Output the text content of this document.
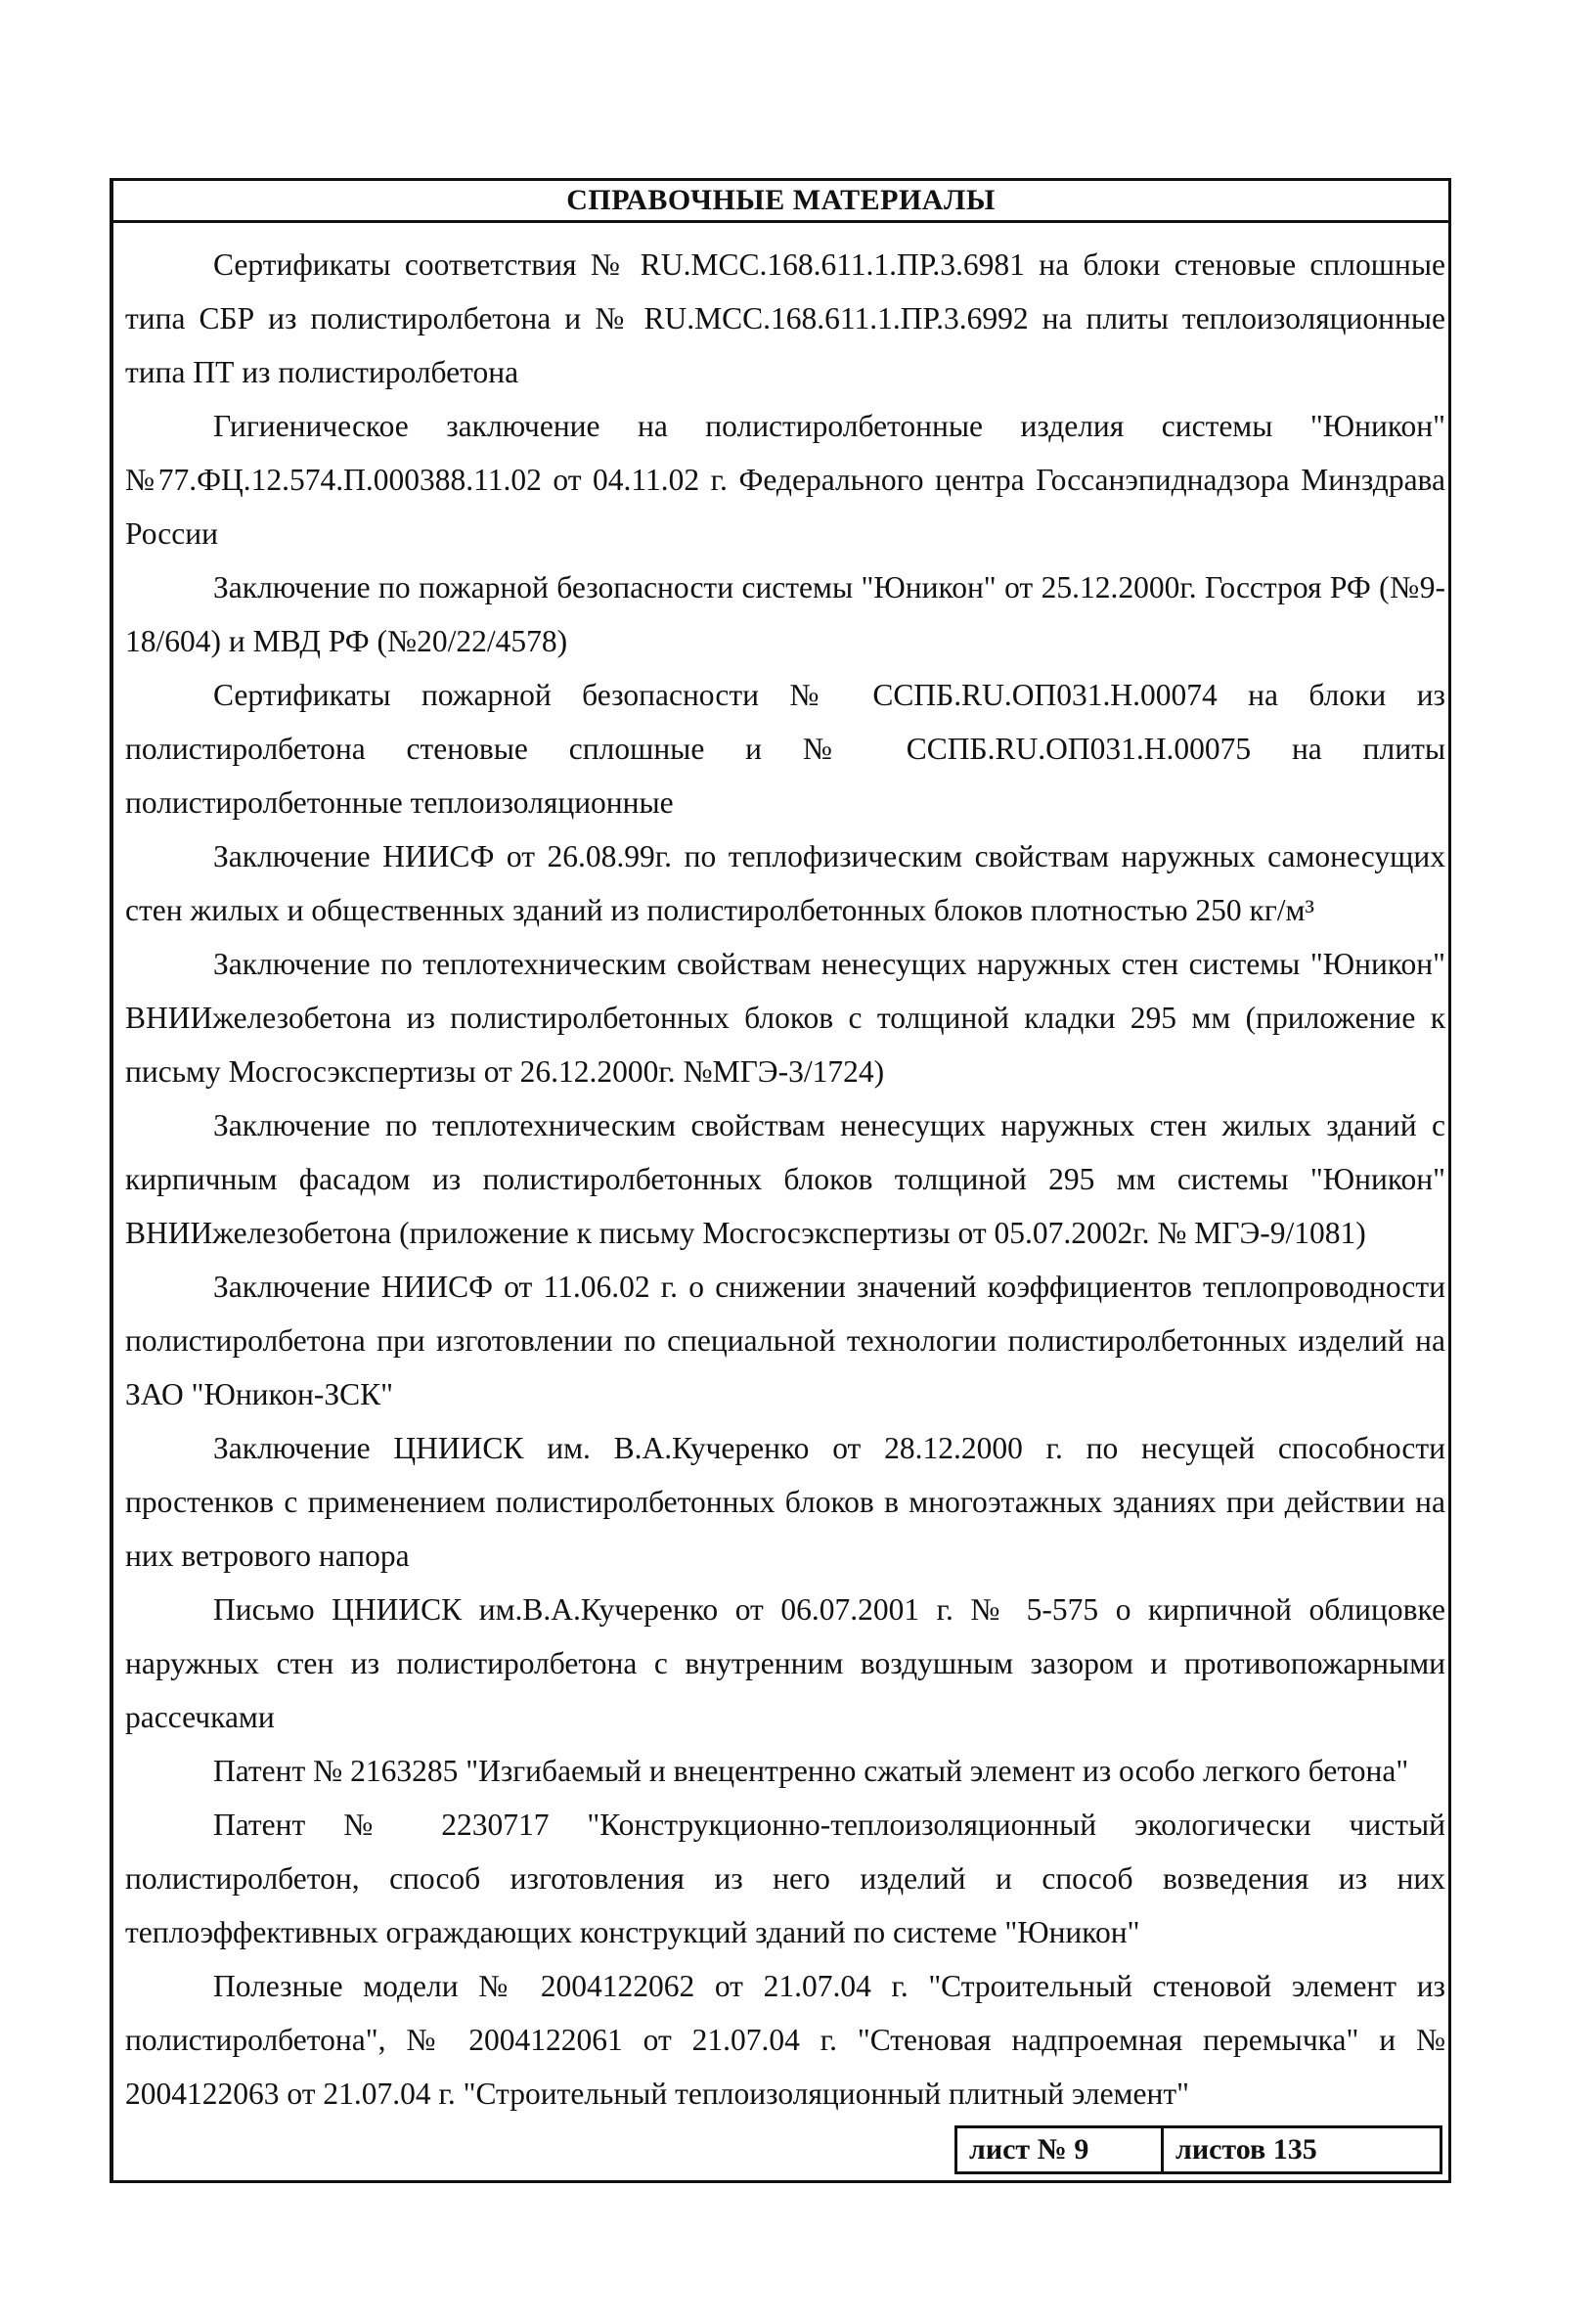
СПРАВОЧНЫЕ МАТЕРИАЛЫ

Сертификаты соответствия № RU.MCC.168.611.1.ПР.3.6981 на блоки стеновые сплошные типа СБР из полистиролбетона и № RU.MCC.168.611.1.ПР.3.6992 на плиты теплоизоляционные типа ПТ из полистиролбетона

Гигиеническое заключение на полистиролбетонные изделия системы "Юникон" №77.ФЦ.12.574.П.000388.11.02 от 04.11.02 г. Федерального центра Госсанэпиднадзора Минздрава России

Заключение по пожарной безопасности системы "Юникон" от 25.12.2000г. Госстроя РФ (№9-18/604) и МВД РФ (№20/22/4578)

Сертификаты пожарной безопасности № ССПБ.RU.ОП031.Н.00074 на блоки из полистиролбетона стеновые сплошные и № ССПБ.RU.ОП031.Н.00075 на плиты полистиролбетонные теплоизоляционные

Заключение НИИСФ от 26.08.99г. по теплофизическим свойствам наружных самонесущих стен жилых и общественных зданий из полистиролбетонных блоков плотностью 250 кг/м³

Заключение по теплотехническим свойствам ненесущих наружных стен системы "Юникон" ВНИИжелезобетона из полистиролбетонных блоков с толщиной кладки 295 мм (приложение к письму Мосгосэкспертизы от 26.12.2000г. №МГЭ-3/1724)

Заключение по теплотехническим свойствам ненесущих наружных стен жилых зданий с кирпичным фасадом из полистиролбетонных блоков толщиной 295 мм системы "Юникон" ВНИИжелезобетона (приложение к письму Мосгосэкспертизы от 05.07.2002г. № МГЭ-9/1081)

Заключение НИИСФ от 11.06.02 г. о снижении значений коэффициентов теплопроводности полистиролбетона при изготовлении по специальной технологии полистиролбетонных изделий на ЗАО "Юникон-ЗСК"

Заключение ЦНИИСК им. В.А.Кучеренко от 28.12.2000 г. по несущей способности простенков с применением полистиролбетонных блоков в многоэтажных зданиях при действии на них ветрового напора

Письмо ЦНИИСК им.В.А.Кучеренко от 06.07.2001 г. № 5-575 о кирпичной облицовке наружных стен из полистиролбетона с внутренним воздушным зазором и противопожарными рассечками

Патент № 2163285 "Изгибаемый и внецентренно сжатый элемент из особо легкого бетона"

Патент № 2230717 "Конструкционно-теплоизоляционный экологически чистый полистиролбетон, способ изготовления из него изделий и способ возведения из них теплоэффективных ограждающих конструкций зданий по системе "Юникон"

Полезные модели № 2004122062 от 21.07.04 г. "Строительный стеновой элемент из полистиролбетона", № 2004122061 от 21.07.04 г. "Стеновая надпроемная перемычка" и № 2004122063 от 21.07.04 г. "Строительный теплоизоляционный плитный элемент"

лист № 9	листов 135
